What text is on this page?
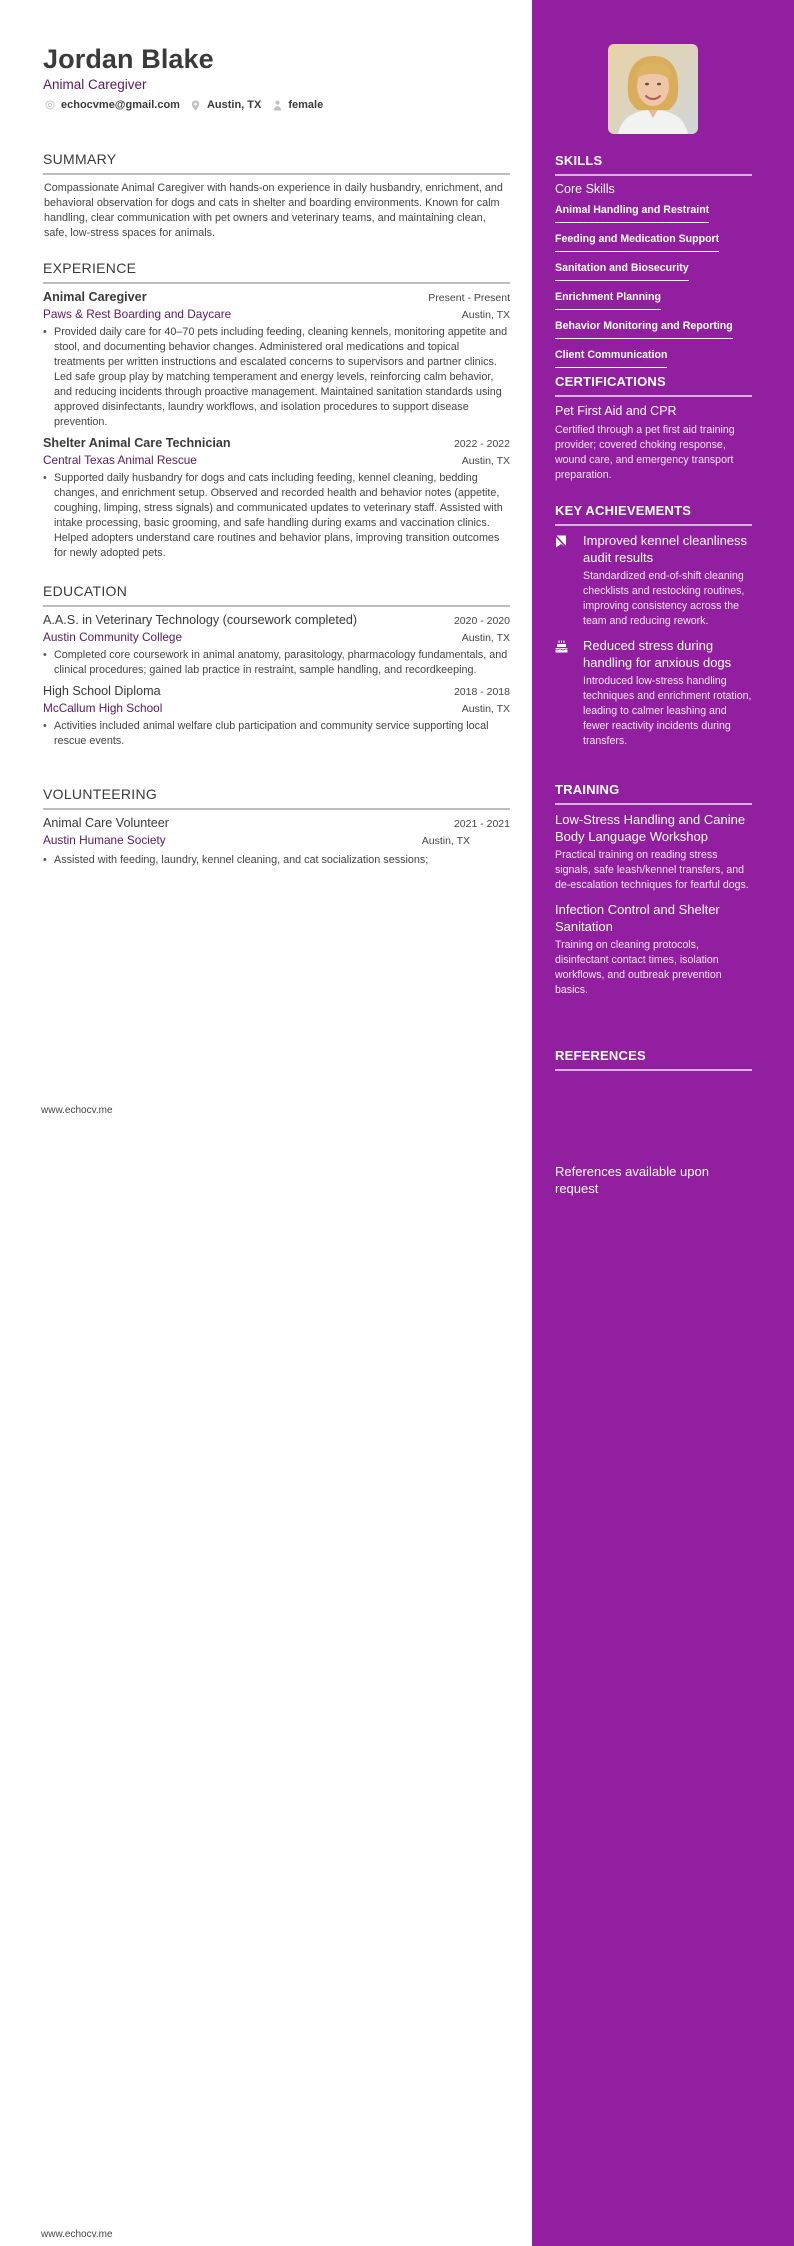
Jordan Blake
Animal Caregiver
echocvme@gmail.com Austin, TX female
SUMMARY

Compassionate Animal Caregiver with hands-on experience in daily husbandry, enrichment, and behavioral observation for dogs and cats in shelter and boarding environments. Known for calm handling, clear communication with pet owners and veterinary teams, and maintaining clean, safe, low-stress spaces for animals.

EXPERIENCE
Animal Caregiver	Present - Present
Paws & Rest Boarding and Daycare	Austin, TX
• Provided daily care for 40–70 pets including feeding, cleaning kennels, monitoring appetite and stool, and documenting behavior changes. Administered oral medications and topical treatments per written instructions and escalated concerns to supervisors and partner clinics. Led safe group play by matching temperament and energy levels, reinforcing calm behavior, and reducing incidents through proactive management. Maintained sanitation standards using approved disinfectants, laundry workflows, and isolation procedures to support disease prevention.
Shelter Animal Care Technician	2022 - 2022
Central Texas Animal Rescue	Austin, TX
• Supported daily husbandry for dogs and cats including feeding, kennel cleaning, bedding changes, and enrichment setup. Observed and recorded health and behavior notes (appetite, coughing, limping, stress signals) and communicated updates to veterinary staff. Assisted with intake processing, basic grooming, and safe handling during exams and vaccination clinics. Helped adopters understand care routines and behavior plans, improving transition outcomes for newly adopted pets.
EDUCATION
A.A.S. in Veterinary Technology (coursework completed)	2020 - 2020
Austin Community College	Austin, TX
• Completed core coursework in animal anatomy, parasitology, pharmacology fundamentals, and clinical procedures; gained lab practice in restraint, sample handling, and recordkeeping.
High School Diploma	2018 - 2018
McCallum High School	Austin, TX
• Activities included animal welfare club participation and community service supporting local rescue events.
VOLUNTEERING
Animal Care Volunteer	2021 - 2021
Austin Humane Society	Austin, TX
• Assisted with feeding, laundry, kennel cleaning, and cat socialization sessions;
www.echocv.me
www.echocv.me
SKILLS
Core Skills
Animal Handling and Restraint
Feeding and Medication Support
Sanitation and Biosecurity
Enrichment Planning
Behavior Monitoring and Reporting
Client Communication
CERTIFICATIONS
Pet First Aid and CPR
Certified through a pet first aid training provider; covered choking response, wound care, and emergency transport preparation.
KEY ACHIEVEMENTS
Improved kennel cleanliness audit results
Standardized end-of-shift cleaning checklists and restocking routines, improving consistency across the team and reducing rework.
Reduced stress during handling for anxious dogs
Introduced low-stress handling techniques and enrichment rotation, leading to calmer leashing and fewer reactivity incidents during transfers.
TRAINING
Low-Stress Handling and Canine Body Language Workshop
Practical training on reading stress signals, safe leash/kennel transfers, and de-escalation techniques for fearful dogs.
Infection Control and Shelter Sanitation
Training on cleaning protocols, disinfectant contact times, isolation workflows, and outbreak prevention basics.
REFERENCES
References available upon request
